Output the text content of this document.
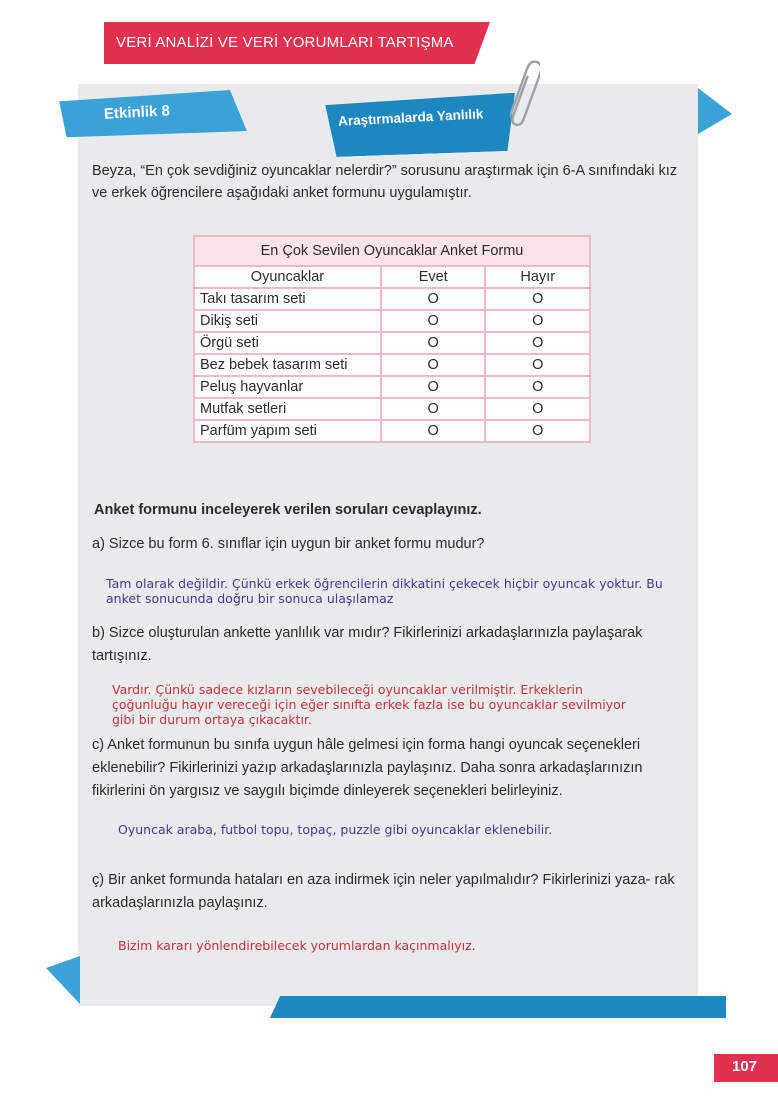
VERİ ANALİZİ VE VERİ YORUMLARI TARTIŞMA
Etkinlik 8	Araştırmalarda Yanlılık
Beyza, “En çok sevdiğiniz oyuncaklar nelerdir?” sorusunu araştırmak için 6-A sınıfındaki kız ve erkek öğrencilere aşağıdaki anket formunu uygulamıştır.
En Çok Sevilen Oyuncaklar Anket Formu		
Oyuncaklar	Evet	Hayır
Takı tasarım seti	O	O
Dikiş seti	O	O
Örgü seti	O	O
Bez bebek tasarım seti	O	O
Peluş hayvanlar	O	O
Mutfak setleri	O	O
Parfüm yapım seti	O	O
Anket formunu inceleyerek verilen soruları cevaplayınız.
a) Sizce bu form 6. sınıflar için uygun bir anket formu mudur?
Tam olarak değildir. Çünkü erkek öğrencilerin dikkatini çekecek hiçbir oyuncak yoktur. Bu anket sonucunda doğru bir sonuca ulaşılamaz
b) Sizce oluşturulan ankette yanlılık var mıdır? Fikirlerinizi arkadaşlarınızla paylaşarak tartışınız.
Vardır. Çünkü sadece kızların sevebileceği oyuncaklar verilmiştir. Erkeklerin çoğunluğu hayır vereceği için eğer sınıfta erkek fazla ise bu oyuncaklar sevilmiyor gibi bir durum ortaya çıkacaktır.
c) Anket formunun bu sınıfa uygun hâle gelmesi için forma hangi oyuncak seçenekleri eklenebilir? Fikirlerinizi yazıp arkadaşlarınızla paylaşınız. Daha sonra arkadaşlarınızın fikirlerini ön yargısız ve saygılı biçimde dinleyerek seçenekleri belirleyiniz.
Oyuncak araba, futbol topu, topaç, puzzle gibi oyuncaklar eklenebilir.
ç) Bir anket formunda hataları en aza indirmek için neler yapılmalıdır? Fikirlerinizi yaza- rak arkadaşlarınızla paylaşınız.
Bizim kararı yönlendirebilecek yorumlardan kaçınmalıyız.
107
